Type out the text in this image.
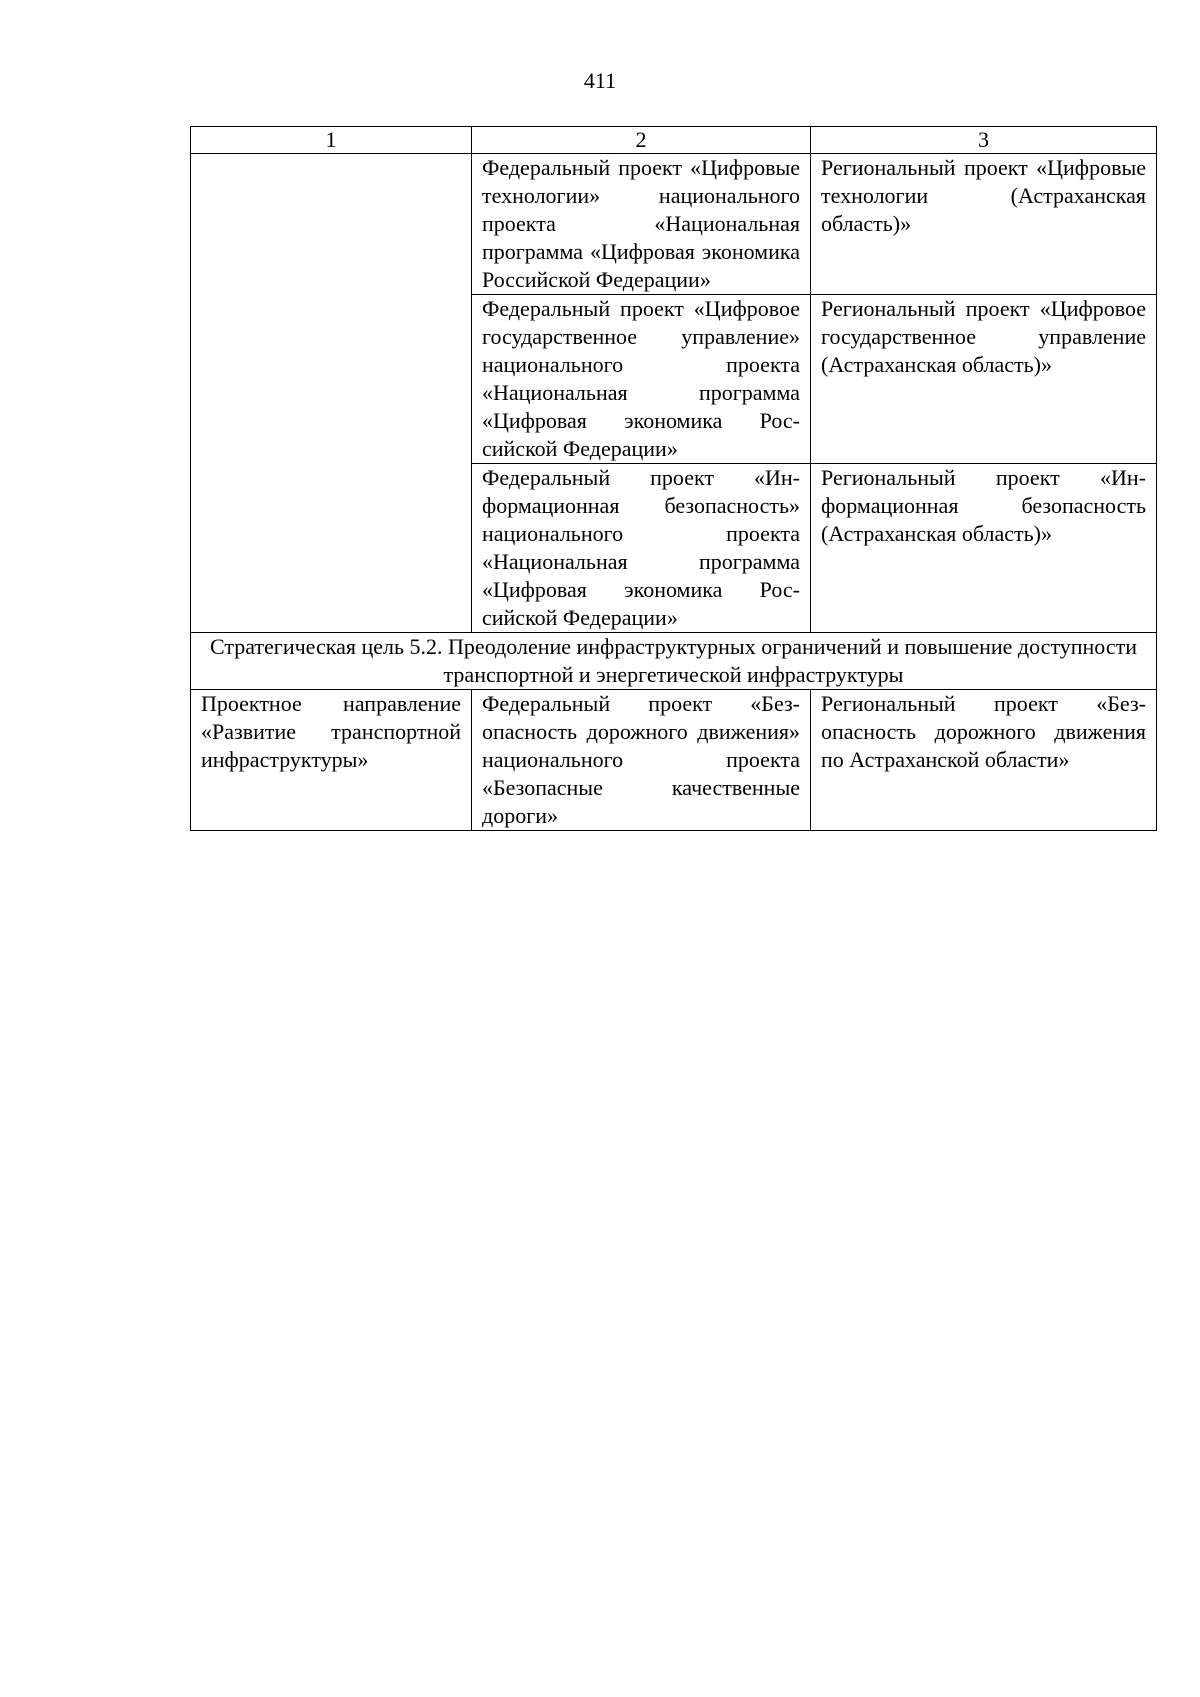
411
1	2	3
	Федеральный проект «Цифровые технологии» национального проекта «Национальная программа «Цифровая экономика Российской Федерации»	Региональный проект «Цифровые технологии (Астраханская область)»
	Федеральный проект «Цифровое государственное управление» национального проекта «Национальная программа «Цифровая экономика Российской Федерации»	Региональный проект «Цифровое государственное управление (Астраханская область)»
	Федеральный проект «Информационная безопасность» национального проекта «Национальная программа «Цифровая экономика Российской Федерации»	Региональный проект «Информационная безопасность (Астраханская область)»
Стратегическая цель 5.2. Преодоление инфраструктурных ограничений и повышение доступности транспортной и энергетической инфраструктуры		
Проектное направление «Развитие транспортной инфраструктуры»	Федеральный проект «Безопасность дорожного движения» национального проекта «Безопасные качественные дороги»	Региональный проект «Безопасность дорожного движения по Астраханской области»
